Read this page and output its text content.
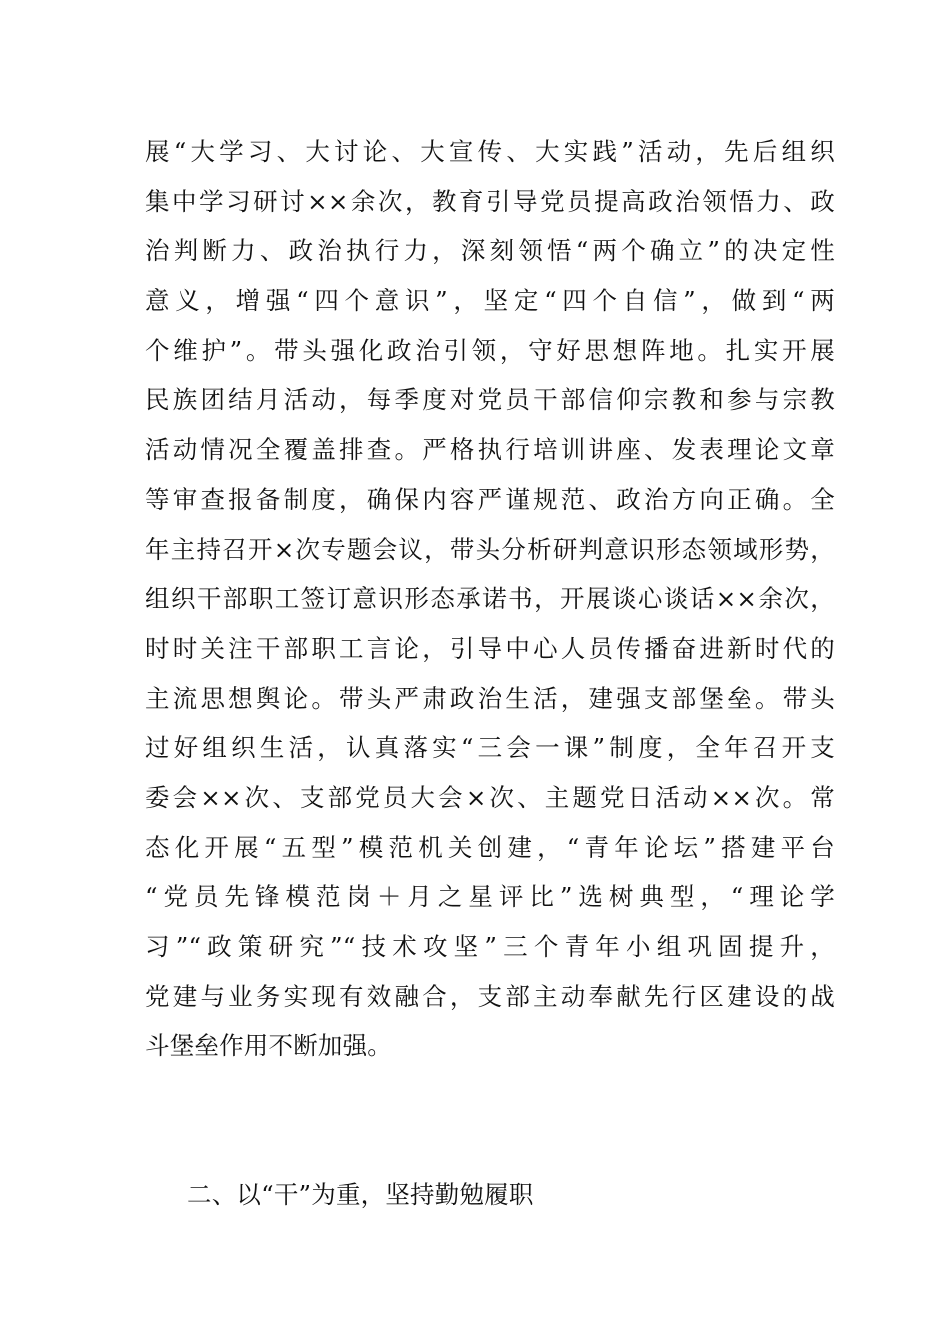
展“大学习、大讨论、大宣传、大实践”活动，先后组织
集中学习研讨××余次，教育引导党员提高政治领悟力、政
治判断力、政治执行力，深刻领悟“两个确立”的决定性
意义，增强“四个意识”，坚定“四个自信”，做到“两
个维护”。带头强化政治引领，守好思想阵地。扎实开展
民族团结月活动，每季度对党员干部信仰宗教和参与宗教
活动情况全覆盖排查。严格执行培训讲座、发表理论文章
等审查报备制度，确保内容严谨规范、政治方向正确。全
年主持召开×次专题会议，带头分析研判意识形态领域形势，
组织干部职工签订意识形态承诺书，开展谈心谈话××余次，
时时关注干部职工言论，引导中心人员传播奋进新时代的
主流思想舆论。带头严肃政治生活，建强支部堡垒。带头
过好组织生活，认真落实“三会一课”制度，全年召开支
委会××次、支部党员大会×次、主题党日活动××次。常
态化开展“五型”模范机关创建，“青年论坛”搭建平台
“党员先锋模范岗＋月之星评比”选树典型，“理论学
习”“政策研究”“技术攻坚”三个青年小组巩固提升，
党建与业务实现有效融合，支部主动奉献先行区建设的战
斗堡垒作用不断加强。
二、以“干”为重，坚持勤勉履职
